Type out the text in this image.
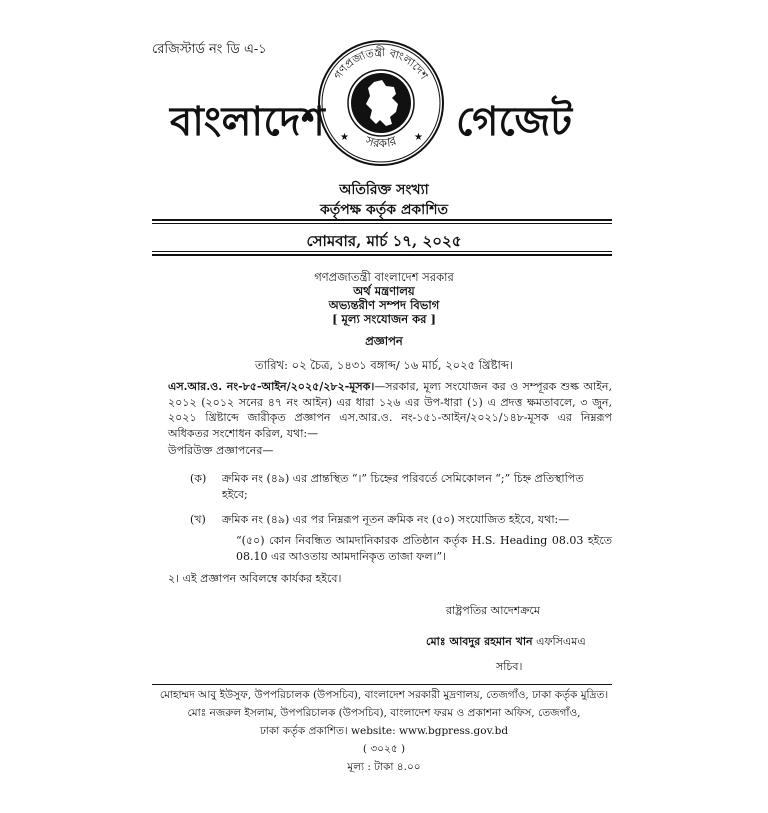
রেজিস্টার্ড নং ডি এ-১
বাংলাদেশ
গণপ্রজাতন্ত্রী বাংলাদেশ
সরকার
★	★ গেজেট
অতিরিক্ত সংখ্যা
কর্তৃপক্ষ কর্তৃক প্রকাশিত
সোমবার, মার্চ ১৭, ২০২৫
গণপ্রজাতন্ত্রী বাংলাদেশ সরকার
অর্থ মন্ত্রণালয়
অভ্যন্তরীণ সম্পদ বিভাগ
[ মূল্য সংযোজন কর ]
প্রজ্ঞাপন
তারিখ: ০২ চৈত্র, ১৪৩১ বঙ্গাব্দ/ ১৬ মার্চ, ২০২৫ খ্রিষ্টাব্দ।
এস.আর.ও. নং-৮৫-আইন/২০২৫/২৮২-মূসক।—সরকার, মূল্য সংযোজন কর ও সম্পূরক শুল্ক আইন, ২০১২ (২০১২ সনের ৪৭ নং আইন) এর ধারা ১২৬ এর উপ-ধারা (১) এ প্রদত্ত ক্ষমতাবলে, ৩ জুন, ২০২১ খ্রিষ্টাব্দে জারীকৃত প্রজ্ঞাপন এস.আর.ও. নং-১৫১-আইন/২০২১/১৪৮-মূসক এর নিম্নরূপ অধিকতর সংশোধন করিল, যথা:—
উপরিউক্ত প্রজ্ঞাপনের—
(ক) ক্রমিক নং (৪৯) এর প্রান্তস্থিত “।” চিহ্নের পরিবর্তে সেমিকোলন “;” চিহ্ন প্রতিস্থাপিত হইবে;
(খ) ক্রমিক নং (৪৯) এর পর নিম্নরূপ নূতন ক্রমিক নং (৫০) সংযোজিত হইবে, যথা:—
“(৫০) কোন নিবন্ধিত আমদানিকারক প্রতিষ্ঠান কর্তৃক H.S. Heading 08.03 হইতে 08.10 এর আওতায় আমদানিকৃত তাজা ফল।”।
২। এই প্রজ্ঞাপন অবিলম্বে কার্যকর হইবে।
রাষ্ট্রপতির আদেশক্রমে
মোঃ আবদুর রহমান খান এফসিএমএ
সচিব।
মোহাম্মদ আবু ইউসুফ, উপপরিচালক (উপসচিব), বাংলাদেশ সরকারী মুদ্রণালয়, তেজগাঁও, ঢাকা কর্তৃক মুদ্রিত।
মোঃ নজরুল ইসলাম, উপপরিচালক (উপসচিব), বাংলাদেশ ফরম ও প্রকাশনা অফিস, তেজগাঁও,
ঢাকা কর্তৃক প্রকাশিত। website: www.bgpress.gov.bd
( ৩০২৫ )
মূল্য : টাকা ৪.০০
